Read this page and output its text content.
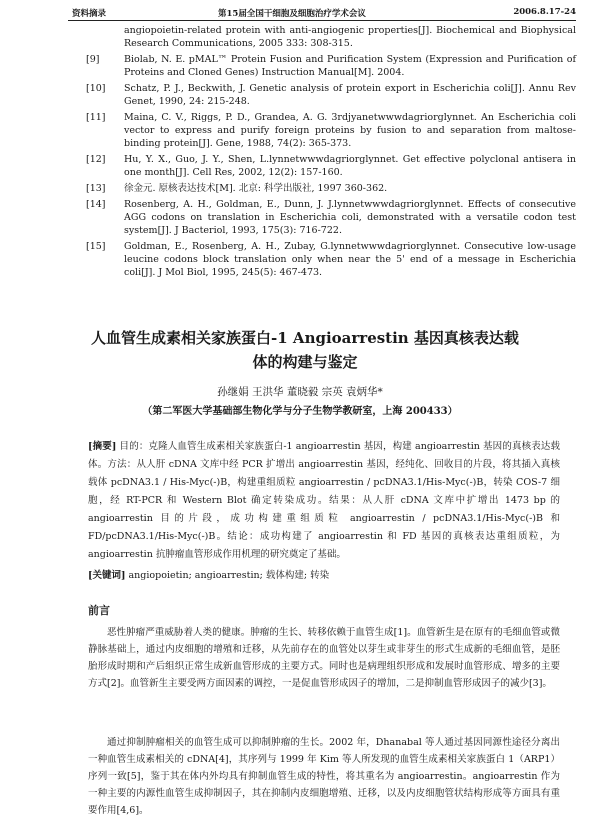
资料摘录	第15届全国干细胞及细胞治疗学术会议	2006.8.17-24
angiopoietin-related protein with anti-angiogenic properties[J]. Biochemical and Biophysical Research Communications, 2005 333: 308-315.
[9]	Biolab, N. E. pMAL™ Protein Fusion and Purification System (Expression and Purification of Proteins and Cloned Genes) Instruction Manual[M]. 2004.
[10] Schatz, P. J., Beckwith, J. Genetic analysis of protein export in Escherichia coli[J]. Annu Rev Genet, 1990, 24: 215-248.
[11] Maina, C. V., Riggs, P. D., Grandea, A. G. 3rdjyanetwwwdagriorglynnet. An Escherichia coli vector to express and purify foreign proteins by fusion to and separation from maltose-binding protein[J]. Gene, 1988, 74(2): 365-373.
[12] Hu, Y. X., Guo, J. Y., Shen, L.lynnetwwwdagriorglynnet. Get effective polyclonal antisera in one month[J]. Cell Res, 2002, 12(2): 157-160.
[13] 徐金元. 原核表达技术[M]. 北京: 科学出版社, 1997 360-362.
[14] Rosenberg, A. H., Goldman, E., Dunn, J. J.lynnetwwwdagriorglynnet. Effects of consecutive AGG codons on translation in Escherichia coli, demonstrated with a versatile codon test system[J]. J Bacteriol, 1993, 175(3): 716-722.
[15] Goldman, E., Rosenberg, A. H., Zubay, G.lynnetwwwdagriorglynnet. Consecutive low-usage leucine codons block translation only when near the 5' end of a message in Escherichia coli[J]. J Mol Biol, 1995, 245(5): 467-473.
人血管生成素相关家族蛋白-1 Angioarrestin 基因真核表达载体的构建与鉴定
孙继娟 王洪华 董晓毅 宗英 袁炳华*
（第二军医大学基础部生物化学与分子生物学教研室，上海 200433）
[摘要] 目的：克隆人血管生成素相关家族蛋白-1 angioarrestin 基因，构建 angioarrestin 基因的真核表达载体。方法：从人肝 cDNA 文库中经 PCR 扩增出 angioarrestin 基因，经纯化、回收目的片段，将其插入真核载体 pcDNA3.1 / His-Myc(-)B，构建重组质粒 angioarrestin / pcDNA3.1/His-Myc(-)B，转染 COS-7 细胞，经 RT-PCR 和 Western Blot 确定转染成功。结果：从人肝 cDNA 文库中扩增出 1473 bp 的 angioarrestin 目的片段，成功构建重组质粒 angioarrestin / pcDNA3.1/His-Myc(-)B 和 FD/pcDNA3.1/His-Myc(-)B。结论：成功构建了 angioarrestin 和 FD 基因的真核表达重组质粒，为 angioarrestin 抗肿瘤血管形成作用机理的研究奠定了基础。
[关键词] angiopoietin; angioarrestin; 载体构建; 转染
前言
恶性肿瘤严重威胁着人类的健康。肿瘤的生长、转移依赖于血管生成[1]。血管新生是在原有的毛细血管或微静脉基础上，通过内皮细胞的增殖和迁移，从先前存在的血管处以芽生或非芽生的形式生成新的毛细血管，是胚胎形成时期和产后组织正常生成新血管形成的主要方式。同时也是病理组织形成和发展时血管形成、增多的主要方式[2]。血管新生主要受两方面因素的调控，一是促血管形成因子的增加，二是抑制血管形成因子的减少[3]。
通过抑制肿瘤相关的血管生成可以抑制肿瘤的生长。2002 年，Dhanabal 等人通过基因同源性途径分离出一种血管生成素相关的 cDNA[4]，其序列与 1999 年 Kim 等人所发现的血管生成素相关家族蛋白 1（ARP1）序列一致[5]，鉴于其在体内外均具有抑制血管生成的特性，将其重名为 angioarrestin。angioarrestin 作为一种主要的内源性血管生成抑制因子，其在抑制内皮细胞增殖、迁移，以及内皮细胞管状结构形成等方面具有重要作用[4,6]。
